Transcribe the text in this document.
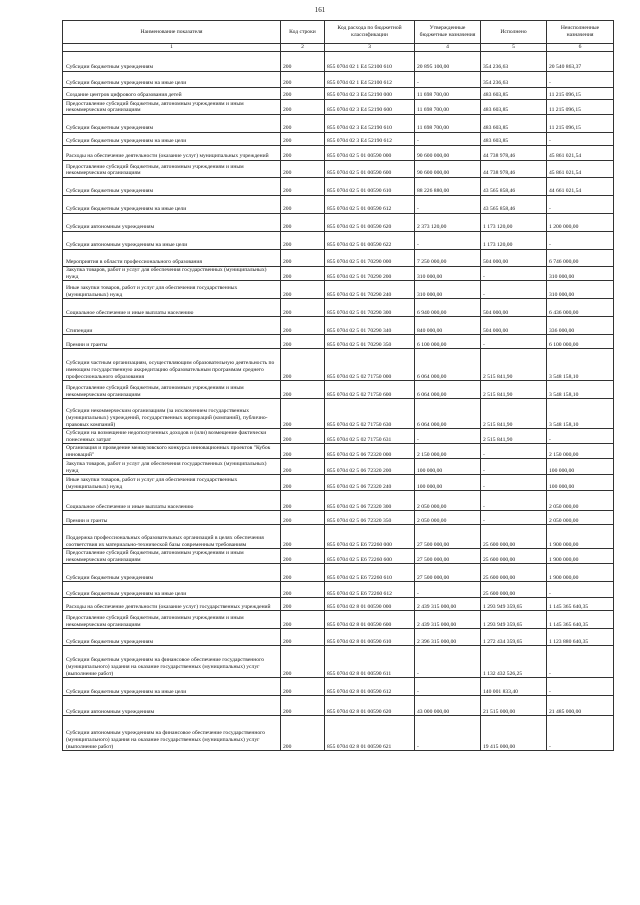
161
Наименование показателя	Код строки	Код расхода по бюджетной классификации	Утвержденные бюджетные назначения	Исполнено	Неисполненные назначения
1	2	3	4	5	6
Субсидии бюджетным учреждениям	200	855 0704 02 1 Е4 52100 610	20 895 100,00	354 236,63	20 540 863,37
Субсидии бюджетным учреждениям на иные цели	200	855 0704 02 1 Е4 52100 612	-	354 236,63	-
Создание центров цифрового образования детей	200	855 0704 02 3 Е4 52190 000	11 698 700,00	483 603,85	11 215 096,15
Предоставление субсидий бюджетным, автономным учреждениям и иным некоммерческим организациям	200	855 0704 02 3 Е4 52190 600	11 698 700,00	483 603,85	11 215 096,15
Субсидии бюджетным учреждениям	200	855 0704 02 3 Е4 52190 610	11 698 700,00	483 603,85	11 215 096,15
Субсидии бюджетным учреждениям на иные цели	200	855 0704 02 3 Е4 52190 612	-	483 603,85	-
Расходы на обеспечение деятельности (оказание услуг) муниципальных учреждений	200	855 0704 02 5 01 00590 000	90 600 000,00	44 738 978,46	45 861 021,54
Предоставление субсидий бюджетным, автономным учреждениям и иным некоммерческим организациям	200	855 0704 02 5 01 00590 600	90 600 000,00	44 738 978,46	45 861 021,54
Субсидии бюджетным учреждениям	200	855 0704 02 5 01 00590 610	88 226 880,00	43 565 858,46	44 661 021,54
Субсидии бюджетным учреждениям на иные цели	200	855 0704 02 5 01 00590 612	-	43 565 858,46	-
Субсидии автономным учреждениям	200	855 0704 02 5 01 00590 620	2 373 120,00	1 173 120,00	1 200 000,00
Субсидии автономным учреждениям на иные цели	200	855 0704 02 5 01 00590 622	-	1 173 120,00	-
Мероприятия в области профессионального образования	200	855 0704 02 5 01 70290 000	7 250 000,00	504 000,00	6 746 000,00
Закупка товаров, работ и услуг для обеспечения государственных (муниципальных) нужд	200	855 0704 02 5 01 70290 200	310 000,00	-	310 000,00
Иные закупки товаров, работ и услуг для обеспечения государственных (муниципальных) нужд	200	855 0704 02 5 01 70290 240	310 000,00	-	310 000,00
Социальное обеспечение и иные выплаты населению	200	855 0704 02 5 01 70290 300	6 940 000,00	504 000,00	6 436 000,00
Стипендии	200	855 0704 02 5 01 70290 340	840 000,00	504 000,00	336 000,00
Премии и гранты	200	855 0704 02 5 01 70290 350	6 100 000,00	-	6 100 000,00
Субсидии частным организациям, осуществляющим образовательную деятельность по имеющим государственную аккредитацию образовательным программам среднего профессионального образования	200	855 0704 02 5 02 71750 000	6 064 000,00	2 515 841,90	3 548 158,10
Предоставление субсидий бюджетным, автономным учреждениям и иным некоммерческим организациям	200	855 0704 02 5 02 71750 600	6 064 000,00	2 515 841,90	3 548 158,10
Субсидии некоммерческим организациям (за исключением государственных (муниципальных) учреждений, государственных корпораций (компаний), публично-правовых компаний)	200	855 0704 02 5 02 71750 630	6 064 000,00	2 515 841,90	3 548 158,10
Субсидии на возмещение недополученных доходов и (или) возмещение фактически понесенных затрат	200	855 0704 02 5 02 71750 631	-	2 515 841,90	-
Организация и проведение межвузовского конкурса инновационных проектов "Кубок инноваций"	200	855 0704 02 5 06 72320 000	2 150 000,00	-	2 150 000,00
Закупка товаров, работ и услуг для обеспечения государственных (муниципальных) нужд	200	855 0704 02 5 06 72320 200	100 000,00	-	100 000,00
Иные закупки товаров, работ и услуг для обеспечения государственных (муниципальных) нужд	200	855 0704 02 5 06 72320 240	100 000,00	-	100 000,00
Социальное обеспечение и иные выплаты населению	200	855 0704 02 5 06 72320 300	2 050 000,00	-	2 050 000,00
Премии и гранты	200	855 0704 02 5 06 72320 350	2 050 000,00	-	2 050 000,00
Поддержка профессиональных образовательных организаций в целях обеспечения соответствия их материально-технической базы современным требованиям	200	855 0704 02 5 Е6 72260 000	27 500 000,00	25 600 000,00	1 900 000,00
Предоставление субсидий бюджетным, автономным учреждениям и иным некоммерческим организациям	200	855 0704 02 5 Е6 72260 600	27 500 000,00	25 600 000,00	1 900 000,00
Субсидии бюджетным учреждениям	200	855 0704 02 5 Е6 72260 610	27 500 000,00	25 600 000,00	1 900 000,00
Субсидии бюджетным учреждениям на иные цели	200	855 0704 02 5 Е6 72260 612	-	25 600 000,00	-
Расходы на обеспечение деятельности (оказание услуг) государственных учреждений	200	855 0704 02 8 01 00590 000	2 439 315 000,00	1 293 949 359,65	1 145 365 640,35
Предоставление субсидий бюджетным, автономным учреждениям и иным некоммерческим организациям	200	855 0704 02 8 01 00590 600	2 439 315 000,00	1 293 949 359,65	1 145 365 640,35
Субсидии бюджетным учреждениям	200	855 0704 02 8 01 00590 610	2 396 315 000,00	1 272 434 359,65	1 123 880 640,35
Субсидии бюджетным учреждениям на финансовое обеспечение государственного (муниципального) задания на оказание государственных (муниципальных) услуг (выполнение работ)	200	855 0704 02 8 01 00590 611	-	1 132 432 526,25	-
Субсидии бюджетным учреждениям на иные цели	200	855 0704 02 8 01 00590 612	-	140 001 833,40	-
Субсидии автономным учреждениям	200	855 0704 02 8 01 00590 620	43 000 000,00	21 515 000,00	21 485 000,00
Субсидии автономным учреждениям на финансовое обеспечение государственного (муниципального) задания на оказание государственных (муниципальных) услуг (выполнение работ)	200	855 0704 02 8 01 00590 621	-	19 415 000,00	-
